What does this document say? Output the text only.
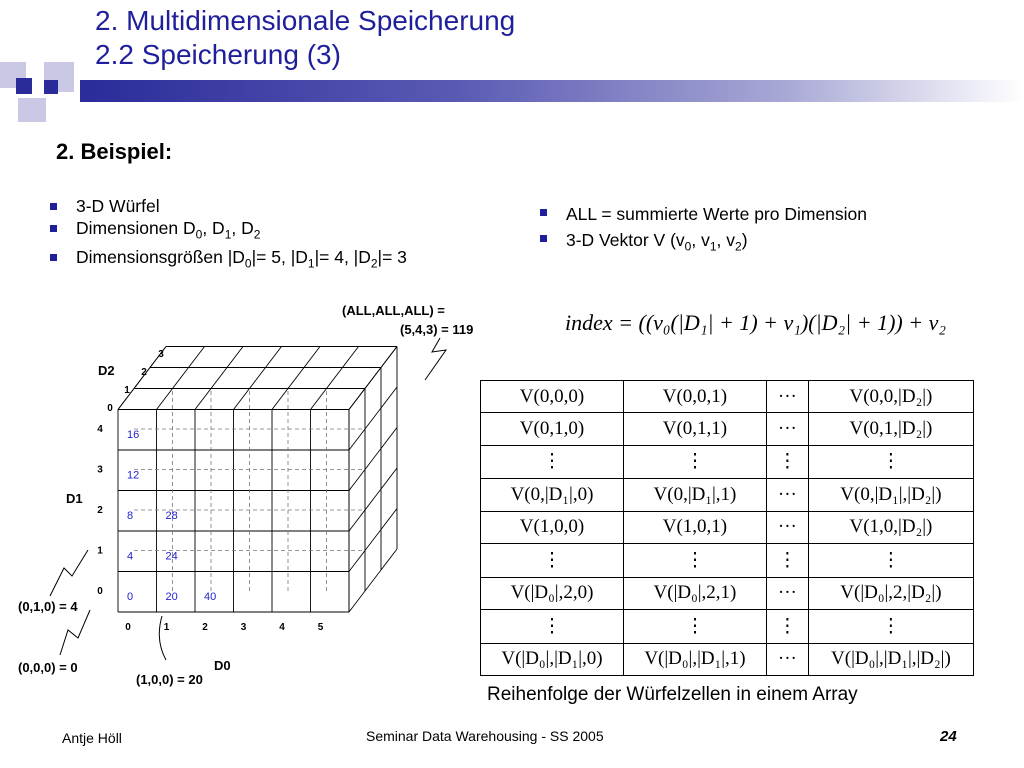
2. Multidimensionale Speicherung
2.2 Speicherung (3)
2. Beispiel:
3-D Würfel
Dimensionen $D_0$, $D_1$, $D_2$
Dimensionsgrößen $|D_0|= 5$, $|D_1|= 4$, $|D_2|= 3$
ALL = summierte Werte pro Dimension
3-D Vektor V ($v_0$, $v_1$, $v_2$)
index = ((v₀(|D₁| + 1) + v₁)(|D₂| + 1)) + v₂
0	1	2	3	4	5
0
1
2
3
4
0
1
2
3
16
12
8	28
4	24
0	20 40
D2
D1
D0
(ALL,ALL,ALL) =
(5,4,3) = 119
(0,1,0) = 4
(0,0,0) = 0
(1,0,0) = 20
V(0,0,0)	V(0,0,1)	···	V(0,0,|D₂|)
V(0,1,0)	V(0,1,1)	···	V(0,1,|D₂|)
⋮	⋮	⋮	⋮
V(0,|D₁|,0)	V(0,|D₁|,1)	···	V(0,|D₁|,|D₂|)
V(1,0,0)	V(1,0,1)	···	V(1,0,|D₂|)
⋮	⋮	⋮	⋮
V(|D₀|,2,0)	V(|D₀|,2,1)	···	V(|D₀|,2,|D₂|)
⋮	⋮	⋮	⋮
V(|D₀|,|D₁|,0)	V(|D₀|,|D₁|,1)	···	V(|D₀|,|D₁|,|D₂|)
Reihenfolge der Würfelzellen in einem Array
Antje Höll	Seminar Data Warehousing - SS 2005	24
